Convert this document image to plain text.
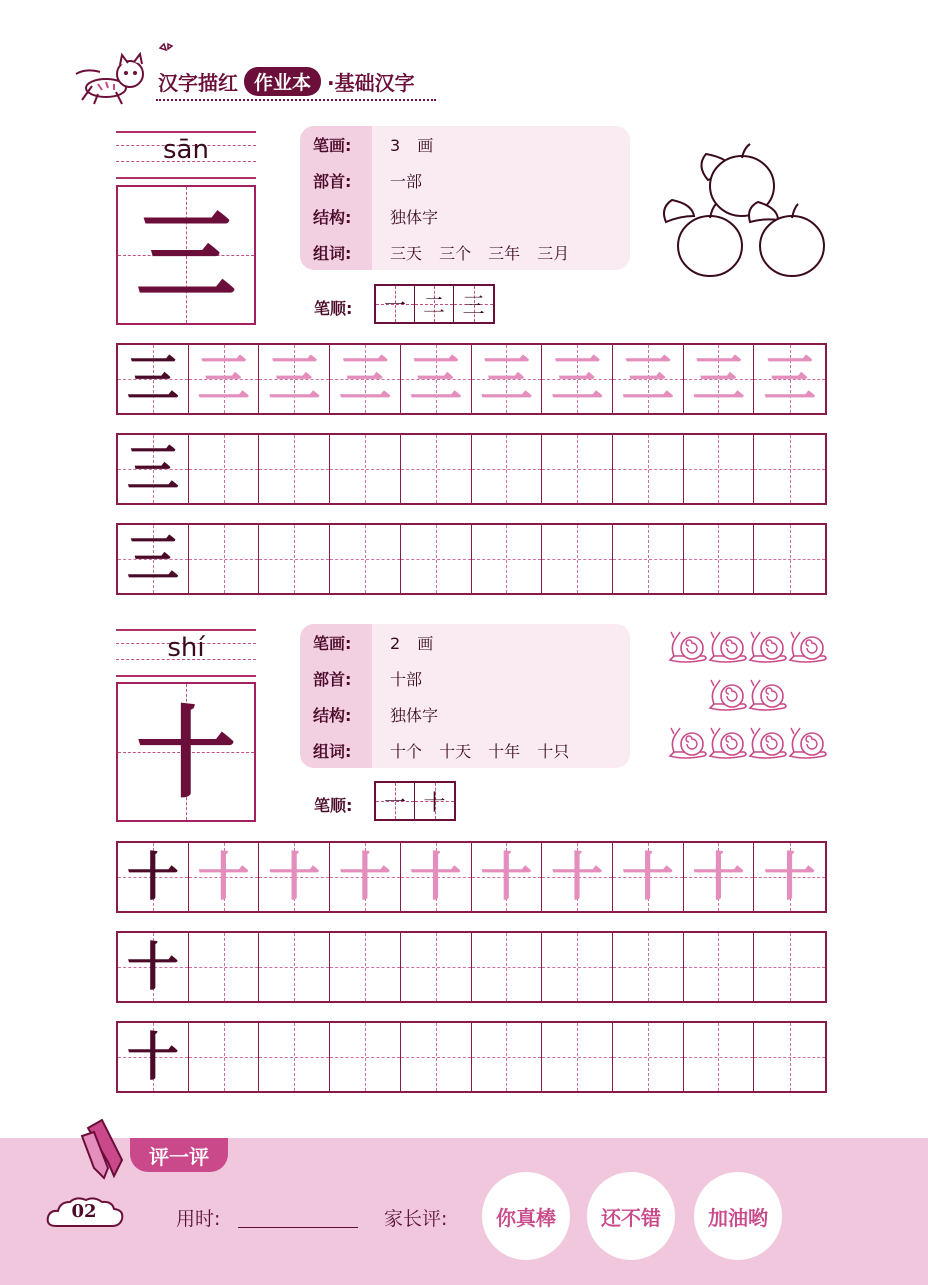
汉字描红 作业本 ·基础汉字
sān
三
笔画:	3 画
部首:	一部
结构:	独体字
组词:	三天 三个 三年 三月
笔顺:	一 二 三
三 三 三 三 三 三 三 三 三 三
三
三
shí
十
笔画:	2 画
部首:	十部
结构:	独体字
组词:	十个 十天 十年 十只
笔顺:	一 十
十 十 十 十 十 十 十 十 十 十
十
十
评一评
02	用时:	家长评:	你真棒	还不错	加油哟
